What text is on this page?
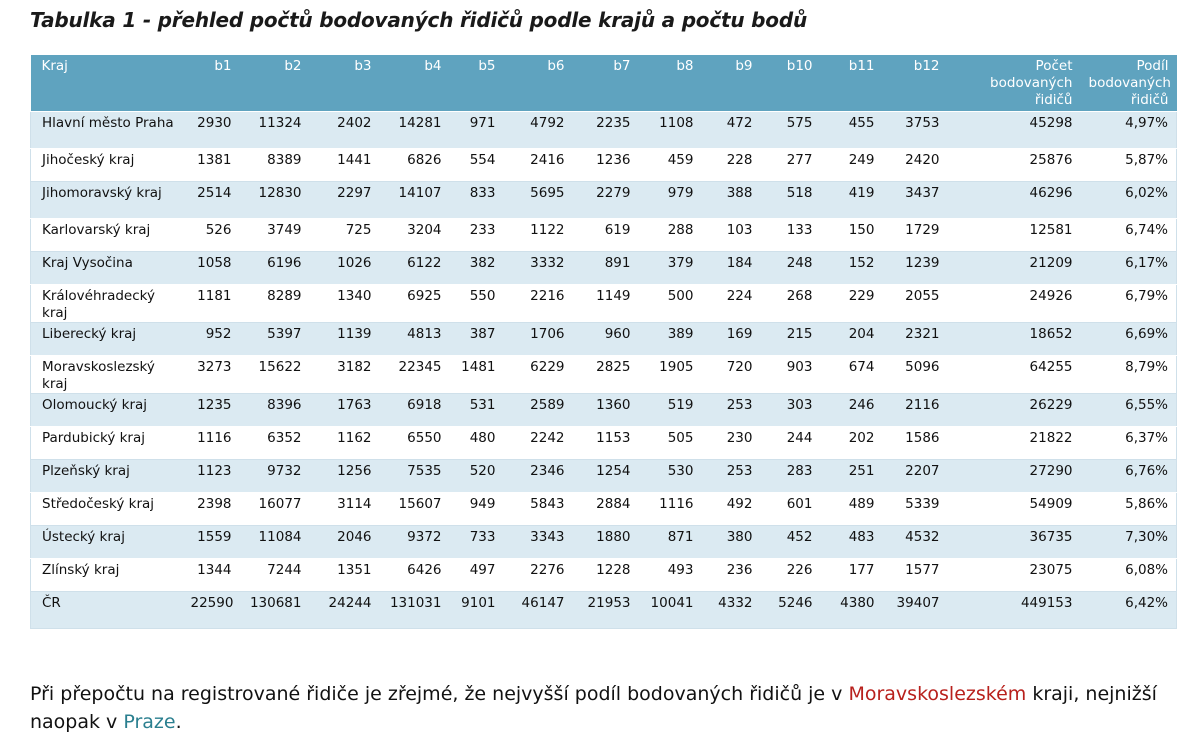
Tabulka 1 - přehled počtů bodovaných řidičů podle krajů a počtu bodů
Kraj	b1	b2	b3	b4	b5	b6	b7	b8	b9	b10	b11	b12	Počet bodovaných řidičů	Podíl bodovaných řidičů
Hlavní město Praha	2930	11324	2402	14281	971	4792	2235	1108	472	575	455	3753	45298	4,97%
Jihočeský kraj	1381	8389	1441	6826	554	2416	1236	459	228	277	249	2420	25876	5,87%
Jihomoravský kraj	2514	12830	2297	14107	833	5695	2279	979	388	518	419	3437	46296	6,02%
Karlovarský kraj	526	3749	725	3204	233	1122	619	288	103	133	150	1729	12581	6,74%
Kraj Vysočina	1058	6196	1026	6122	382	3332	891	379	184	248	152	1239	21209	6,17%
Královéhradecký kraj	1181	8289	1340	6925	550	2216	1149	500	224	268	229	2055	24926	6,79%
Liberecký kraj	952	5397	1139	4813	387	1706	960	389	169	215	204	2321	18652	6,69%
Moravskoslezský kraj	3273	15622	3182	22345	1481	6229	2825	1905	720	903	674	5096	64255	8,79%
Olomoucký kraj	1235	8396	1763	6918	531	2589	1360	519	253	303	246	2116	26229	6,55%
Pardubický kraj	1116	6352	1162	6550	480	2242	1153	505	230	244	202	1586	21822	6,37%
Plzeňský kraj	1123	9732	1256	7535	520	2346	1254	530	253	283	251	2207	27290	6,76%
Středočeský kraj	2398	16077	3114	15607	949	5843	2884	1116	492	601	489	5339	54909	5,86%
Ústecký kraj	1559	11084	2046	9372	733	3343	1880	871	380	452	483	4532	36735	7,30%
Zlínský kraj	1344	7244	1351	6426	497	2276	1228	493	236	226	177	1577	23075	6,08%
ČR	22590	130681	24244	131031	9101	46147	21953	10041	4332	5246	4380	39407	449153	6,42%
Při přepočtu na registrované řidiče je zřejmé, že nejvyšší podíl bodovaných řidičů je v Moravskoslezském kraji, nejnižší naopak v Praze.
